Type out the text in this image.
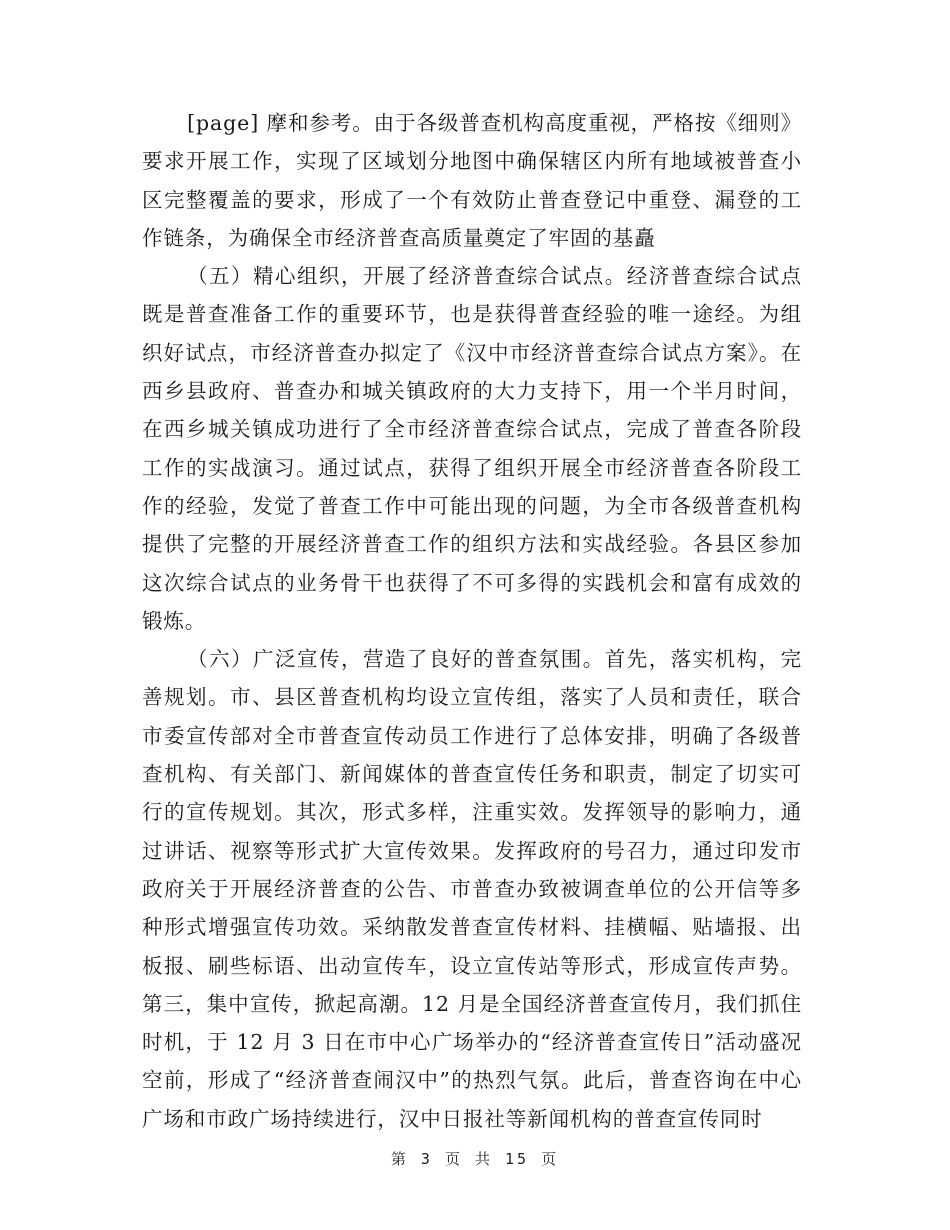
[page] 摩和参考。由于各级普查机构高度重视，严格按《细则》要求开展工作，实现了区域划分地图中确保辖区内所有地域被普查小区完整覆盖的要求，形成了一个有效防止普查登记中重登、漏登的工作链条，为确保全市经济普查高质量奠定了牢固的基矗

（五）精心组织，开展了经济普查综合试点。经济普查综合试点既是普查准备工作的重要环节，也是获得普查经验的唯一途经。为组织好试点，市经济普查办拟定了《汉中市经济普查综合试点方案》。在西乡县政府、普查办和城关镇政府的大力支持下，用一个半月时间，在西乡城关镇成功进行了全市经济普查综合试点，完成了普查各阶段工作的实战演习。通过试点，获得了组织开展全市经济普查各阶段工作的经验，发觉了普查工作中可能出现的问题，为全市各级普查机构提供了完整的开展经济普查工作的组织方法和实战经验。各县区参加这次综合试点的业务骨干也获得了不可多得的实践机会和富有成效的锻炼。

（六）广泛宣传，营造了良好的普查氛围。首先，落实机构，完善规划。市、县区普查机构均设立宣传组，落实了人员和责任，联合市委宣传部对全市普查宣传动员工作进行了总体安排，明确了各级普查机构、有关部门、新闻媒体的普查宣传任务和职责，制定了切实可行的宣传规划。其次，形式多样，注重实效。发挥领导的影响力，通过讲话、视察等形式扩大宣传效果。发挥政府的号召力，通过印发市政府关于开展经济普查的公告、市普查办致被调查单位的公开信等多种形式增强宣传功效。采纳散发普查宣传材料、挂横幅、贴墙报、出板报、刷些标语、出动宣传车，设立宣传站等形式，形成宣传声势。第三，集中宣传，掀起高潮。12 月是全国经济普查宣传月，我们抓住时机，于 12 月 3 日在市中心广场举办的“经济普查宣传日”活动盛况空前，形成了“经济普查闹汉中”的热烈气氛。此后，普查咨询在中心广场和市政广场持续进行，汉中日报社等新闻机构的普查宣传同时

第 3 页 共 15 页
